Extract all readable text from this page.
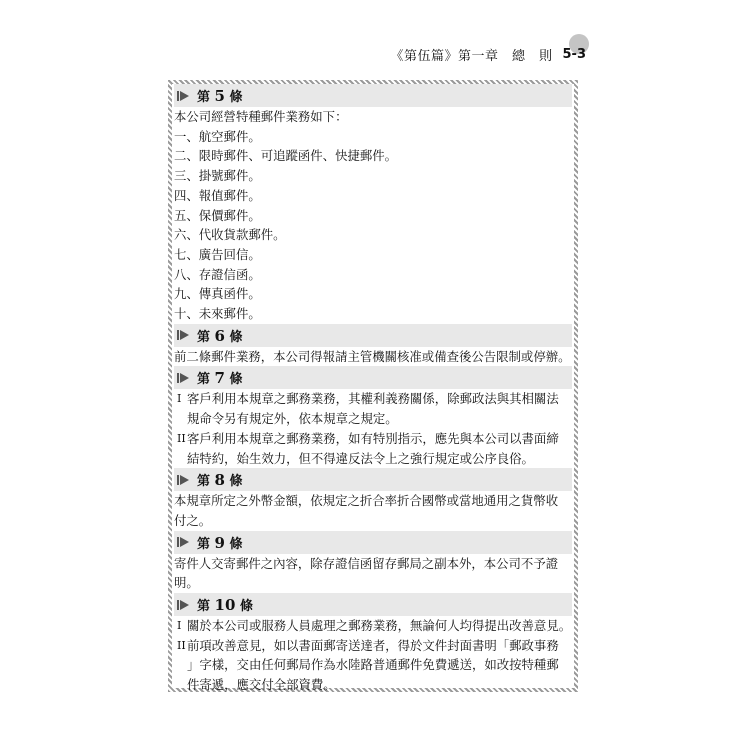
《第伍篇》第一章　總　則 5-3
第 5 條
本公司經營特種郵件業務如下：
一、航空郵件。
二、限時郵件、可追蹤函件、快捷郵件。
三、掛號郵件。
四、報值郵件。
五、保價郵件。
六、代收貨款郵件。
七、廣告回信。
八、存證信函。
九、傳真函件。
十、未來郵件。
第 6 條
前二條郵件業務，本公司得報請主管機關核准或備查後公告限制或停辦。
第 7 條
I 客戶利用本規章之郵務業務，其權利義務關係，除郵政法與其相關法
規命令另有規定外，依本規章之規定。
II 客戶利用本規章之郵務業務，如有特別指示，應先與本公司以書面締
結特約，始生效力，但不得違反法令上之強行規定或公序良俗。
第 8 條
本規章所定之外幣金額，依規定之折合率折合國幣或當地通用之貨幣收
付之。
第 9 條
寄件人交寄郵件之內容，除存證信函留存郵局之副本外，本公司不予證
明。
第 10 條
I 關於本公司或服務人員處理之郵務業務，無論何人均得提出改善意見。
II 前項改善意見，如以書面郵寄送達者，得於文件封面書明「郵政事務
」字樣，交由任何郵局作為水陸路普通郵件免費遞送，如改按特種郵
件寄遞，應交付全部資費。
